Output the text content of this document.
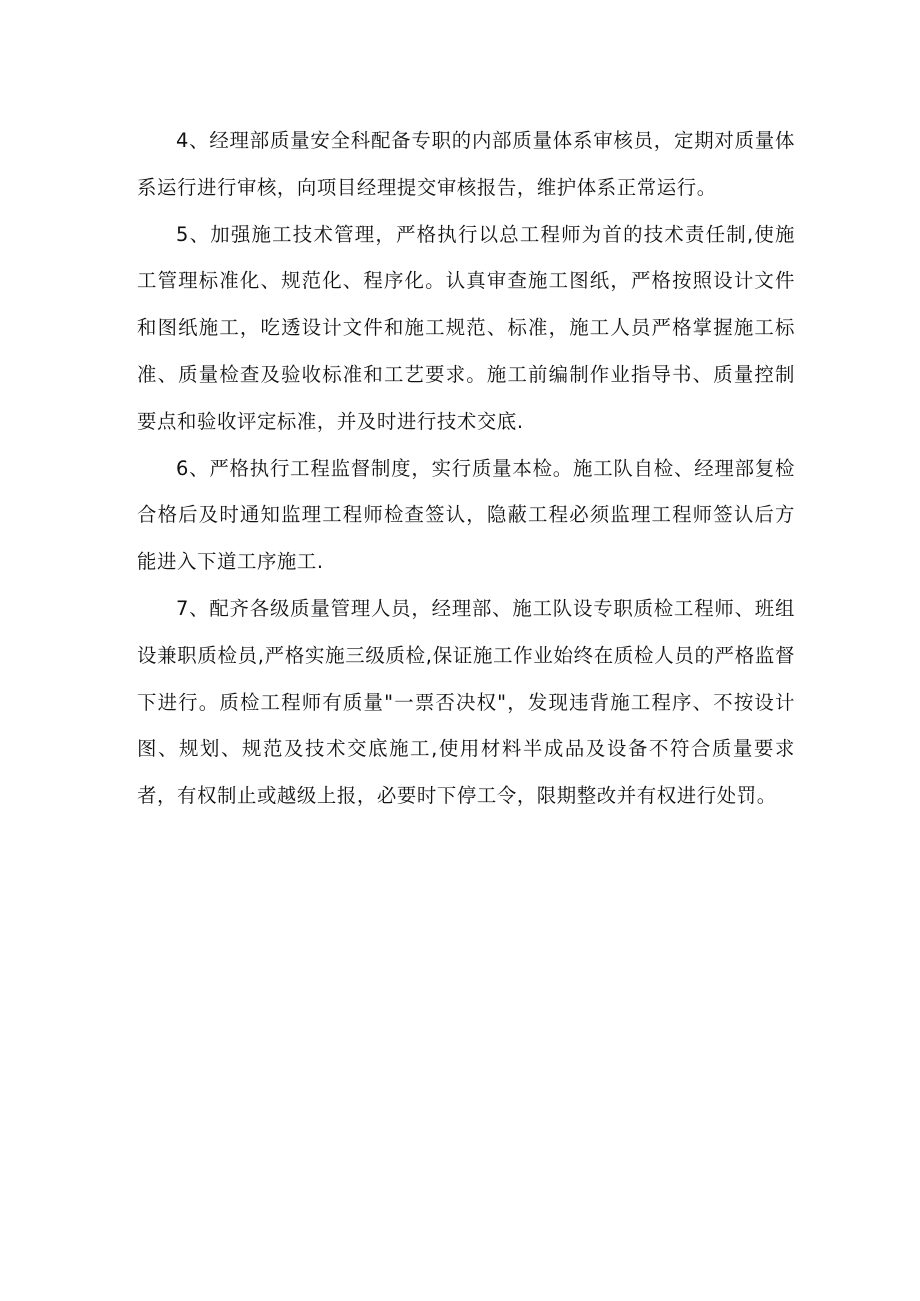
4、经理部质量安全科配备专职的内部质量体系审核员，定期对质量体系运行进行审核，向项目经理提交审核报告，维护体系正常运行。

5、加强施工技术管理，严格执行以总工程师为首的技术责任制,使施工管理标准化、规范化、程序化。认真审查施工图纸，严格按照设计文件和图纸施工，吃透设计文件和施工规范、标准，施工人员严格掌握施工标准、质量检查及验收标准和工艺要求。施工前编制作业指导书、质量控制要点和验收评定标准，并及时进行技术交底.

6、严格执行工程监督制度，实行质量本检。施工队自检、经理部复检合格后及时通知监理工程师检查签认，隐蔽工程必须监理工程师签认后方能进入下道工序施工.

7、配齐各级质量管理人员，经理部、施工队设专职质检工程师、班组设兼职质检员,严格实施三级质检,保证施工作业始终在质检人员的严格监督下进行。质检工程师有质量"一票否决权"，发现违背施工程序、不按设计图、规划、规范及技术交底施工,使用材料半成品及设备不符合质量要求者，有权制止或越级上报，必要时下停工令，限期整改并有权进行处罚。
